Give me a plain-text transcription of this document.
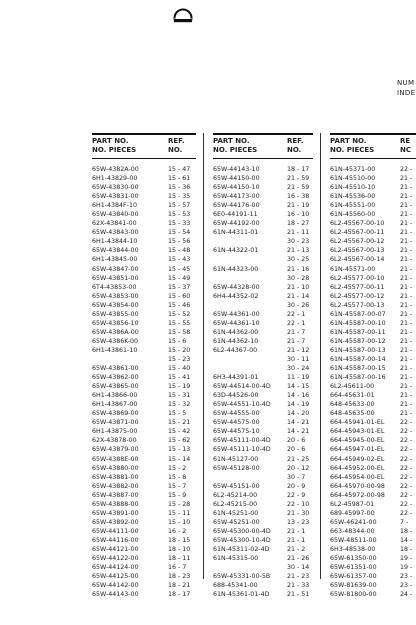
NUM
INDE
PART NO.
NO. PIECES
REF.
NO.
65W-4382A-00	15 - 47
6H1-43829-00	15 - 61
65W-43830-00	15 - 36
65W-43831-00	15 - 35
6H1-4384F-10	15 - 57
65W-43840-00	15 - 53
62X-43841-00	15 - 33
65W-43843-00	15 - 54
6H1-43844-10	15 - 56
65W-43844-00	15 - 48
6H1-43845-00	15 - 43
65W-43847-00	15 - 45
65W-43851-00	15 - 49
6T4-43853-00	15 - 37
65W-43853-00	15 - 60
65W-43854-00	15 - 46
65W-43855-00	15 - 52
65W-43856-10	15 - 55
65W-4386A-00	15 - 58
65W-4386K-00	15 - 6
6H1-43861-10	15 - 20
15 - 23
65W-43861-00	15 - 40
65W-43862-00	15 - 41
65W-43865-00	15 - 19
6H1-43866-00	15 - 31
6H1-43867-00	15 - 32
65W-43869-00	15 - 5
65W-43871-00	15 - 21
6H1-43875-00	15 - 42
62X-43878-00	15 - 62
65W-43879-00	15 - 13
65W-4388E-00	15 - 14
65W-43880-00	15 - 2
65W-43881-00	15 - 8
65W-43882-00	15 - 7
65W-43887-00	15 - 9
65W-43888-00	15 - 28
65W-43891-00	15 - 11
65W-43892-00	15 - 10
65W-44111-00	16 - 2
65W-44116-00	18 - 15
65W-44121-00	18 - 10
65W-44122-00	18 - 11
65W-44124-00	16 - 7
65W-44125-00	18 - 23
65W-44142-00	18 - 21
65W-44143-00	18 - 17
PART NO.
NO. PIECES
REF.
NO.
65W-44143-10	18 - 17
65W-44150-00	21 - 59
65W-44150-10	21 - 59
65W-44173-00	16 - 38
65W-44176-00	21 - 19
6E0-44191-11	16 - 10
65W-44192-00	18 - 27
61N-44311-01	21 - 11
30 - 23
61N-44322-01	21 - 13
30 - 25
61N-44323-00	21 - 16
30 - 28
65W-44328-00	21 - 10
6H4-44352-02	21 - 14
30 - 26
65W-44361-00	22 - 1
65W-44361-10	22 - 1
61N-44362-00	21 - 7
61N-44362-10	21 - 7
6L2-44367-00	21 - 12
30 - 11
30 - 24
6H3-44391-01	11 - 19
65W-44514-00-4D	14 - 15
63D-44526-00	14 - 16
65W-44551-10-4D	14 - 19
65W-44555-00	14 - 20
65W-44575-00	14 - 21
65W-44575-10	14 - 21
65W-45111-00-4D	20 - 6
65W-45111-10-4D	20 - 6
61N-45127-00	21 - 25
65W-45128-00	20 - 12
30 - 7
65W-45151-00	20 - 9
6L2-45214-00	22 - 9
6L2-45215-00	22 - 10
61N-45251-00	21 - 30
65W-45251-00	13 - 23
65W-45300-00-4D	21 - 1
65W-45300-10-4D	21 - 1
61N-45311-02-4D	21 - 2
61N-45315-00	21 - 26
30 - 14
65W-45331-00-5B	21 - 23
688-45341-00	21 - 33
61N-45361-01-4D	21 - 51
PART NO.
NO. PIECES
RE
NC
61N-45371-00	22 -
61N-45510-00	21 -
61N-45510-10	21 -
61N-45536-00	21 -
61N-45551-00	21 -
61N-45560-00	21 -
6L2-45567-00-10 21 -
6L2-45567-00-11 21 -
6L2-45567-00-12 21 -
6L2-45567-00-13 21 -
6L2-45567-00-14 21 -
61N-45571-00	21 -
6L2-45577-00-10 21 -
6L2-45577-00-11 21 -
6L2-45577-00-12 21 -
6L2-45577-00-13 21 -
61N-45587-00-07 21 -
61N-45587-00-10 21 -
61N-45587-00-11 21 -
61N-45587-00-12 21 -
61N-45587-00-13 21 -
61N-45587-00-14 21 -
61N-45587-00-15 21 -
61N-45587-00-16 21 -
6L2-45611-00	21 -
664-45631-01	21 -
648-45633-00	21 -
648-45635-00	21 -
664-45941-01-EL 22 -
664-45943-01-EL 22 -
664-45945-00-EL 22 -
664-45947-01-EL 22 -
664-45949-02-EL 22 -
664-45952-00-EL 22 -
664-45954-00-EL 22 -
664-45970-00-98 22 -
664-45972-00-98 22 -
6L2-45987-01	22 -
689-45997-00	22 -
65W-46241-00	7 -
663-48344-00	18 -
65W-48511-00	14 -
6H3-48538-00	18 -
65W-61350-00	19 -
65W-61351-00	19 -
65W-61357-00	23 -
65W-81639-00	23 -
65W-81800-00	24 -
